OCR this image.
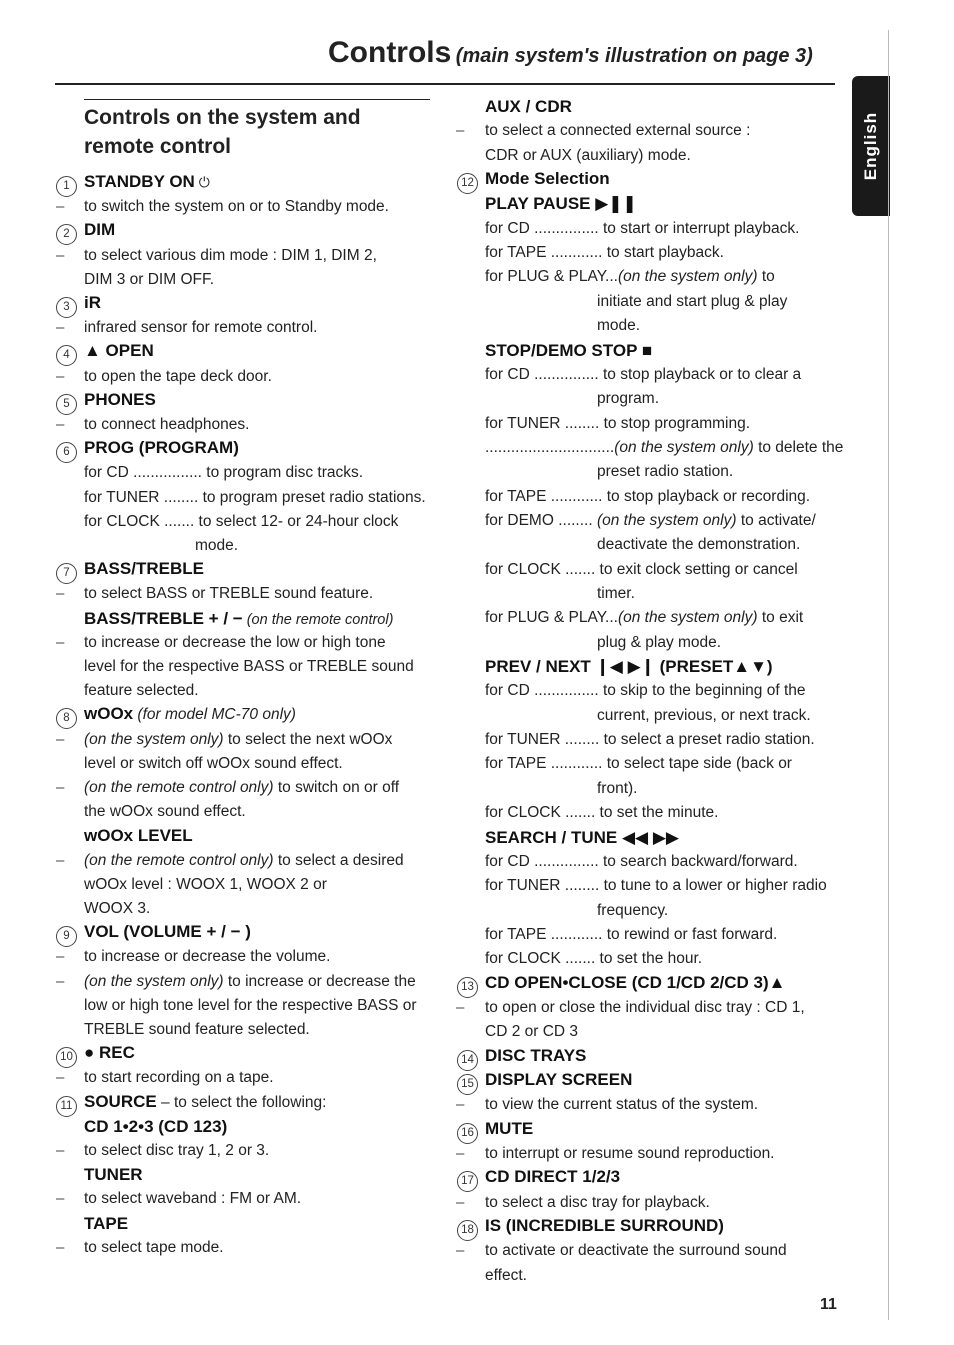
Controls (main system's illustration on page 3)
Controls on the system and
remote control	English
1 STANDBY ON ⏻
– to switch the system on or to Standby mode.
2 DIM
– to select various dim mode : DIM 1, DIM 2,
DIM 3 or DIM OFF.
3 iR
– infrared sensor for remote control.
4 ▲ OPEN
– to open the tape deck door.
5 PHONES
– to connect headphones.
6 PROG (PROGRAM)
for CD ................ to program disc tracks.
for TUNER ........ to program preset radio stations.
for CLOCK ....... to select 12- or 24-hour clock
mode.
7 BASS/TREBLE
– to select BASS or TREBLE sound feature.
BASS/TREBLE + / − (on the remote control)
– to increase or decrease the low or high tone
level for the respective BASS or TREBLE sound
feature selected.
8 wOOx (for model MC-70 only)
– (on the system only) to select the next wOOx
level or switch off wOOx sound effect.
– (on the remote control only) to switch on or off
the wOOx sound effect.
wOOx LEVEL
– (on the remote control only) to select a desired
wOOx level : WOOX 1, WOOX 2 or
WOOX 3.
9 VOL (VOLUME + / − )
– to increase or decrease the volume.
– (on the system only) to increase or decrease the
low or high tone level for the respective BASS or
TREBLE sound feature selected.
10 ● REC
– to start recording on a tape.
11 SOURCE – to select the following:
CD 1•2•3 (CD 123)
– to select disc tray 1, 2 or 3.
TUNER
– to select waveband : FM or AM.
TAPE
– to select tape mode.
AUX / CDR
– to select a connected external source :
CDR or AUX (auxiliary) mode.
12 Mode Selection
PLAY PAUSE ▶❚❚
for CD ............... to start or interrupt playback.
for TAPE ............ to start playback.
for PLUG & PLAY...(on the system only) to
initiate and start plug & play
mode.
STOP/DEMO STOP ■
for CD ............... to stop playback or to clear a
program.
for TUNER ........ to stop programming.
..............................(on the system only) to delete the
preset radio station.
for TAPE ............ to stop playback or recording.
for DEMO ........ (on the system only) to activate/
deactivate the demonstration.
for CLOCK ....... to exit clock setting or cancel
timer.
for PLUG & PLAY...(on the system only) to exit
plug & play mode.
PREV / NEXT ❙◀ ▶❙ (PRESET▲▼)
for CD ............... to skip to the beginning of the
current, previous, or next track.
for TUNER ........ to select a preset radio station.
for TAPE ............ to select tape side (back or
front).
for CLOCK ....... to set the minute.
SEARCH / TUNE ◀◀ ▶▶
for CD ............... to search backward/forward.
for TUNER ........ to tune to a lower or higher radio
frequency.
for TAPE ............ to rewind or fast forward.
for CLOCK ....... to set the hour.
13 CD OPEN•CLOSE (CD 1/CD 2/CD 3)▲
– to open or close the individual disc tray : CD 1,
CD 2 or CD 3
14 DISC TRAYS
15 DISPLAY SCREEN
– to view the current status of the system.
16 MUTE
– to interrupt or resume sound reproduction.
17 CD DIRECT 1/2/3
– to select a disc tray for playback.
18 IS (INCREDIBLE SURROUND)
– to activate or deactivate the surround sound
effect.
11
